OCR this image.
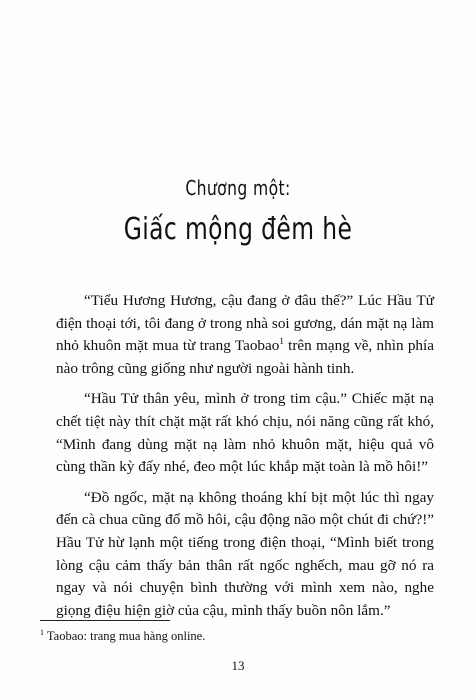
Chương một:
Giấc mộng đêm hè

“Tiểu Hương Hương, cậu đang ở đâu thế?” Lúc Hầu Tử điện thoại tới, tôi đang ở trong nhà soi gương, dán mặt nạ làm nhỏ khuôn mặt mua từ trang Taobao$^1$ trên mạng về, nhìn phía nào trông cũng giống như người ngoài hành tinh.

“Hầu Tử thân yêu, mình ở trong tim cậu.” Chiếc mặt nạ chết tiệt này thít chặt mặt rất khó chịu, nói năng cũng rất khó, “Mình đang dùng mặt nạ làm nhỏ khuôn mặt, hiệu quả vô cùng thần kỳ đấy nhé, đeo một lúc khắp mặt toàn là mồ hôi!”

“Đồ ngốc, mặt nạ không thoáng khí bịt một lúc thì ngay đến cà chua cũng đổ mồ hôi, cậu động não một chút đi chứ?!” Hầu Tử hừ lạnh một tiếng trong điện thoại, “Mình biết trong lòng cậu cảm thấy bản thân rất ngốc nghếch, mau gỡ nó ra ngay và nói chuyện bình thường với mình xem nào, nghe giọng điệu hiện giờ của cậu, mình thấy buồn nôn lắm.”

$^1$ Taobao: trang mua hàng online.
13
